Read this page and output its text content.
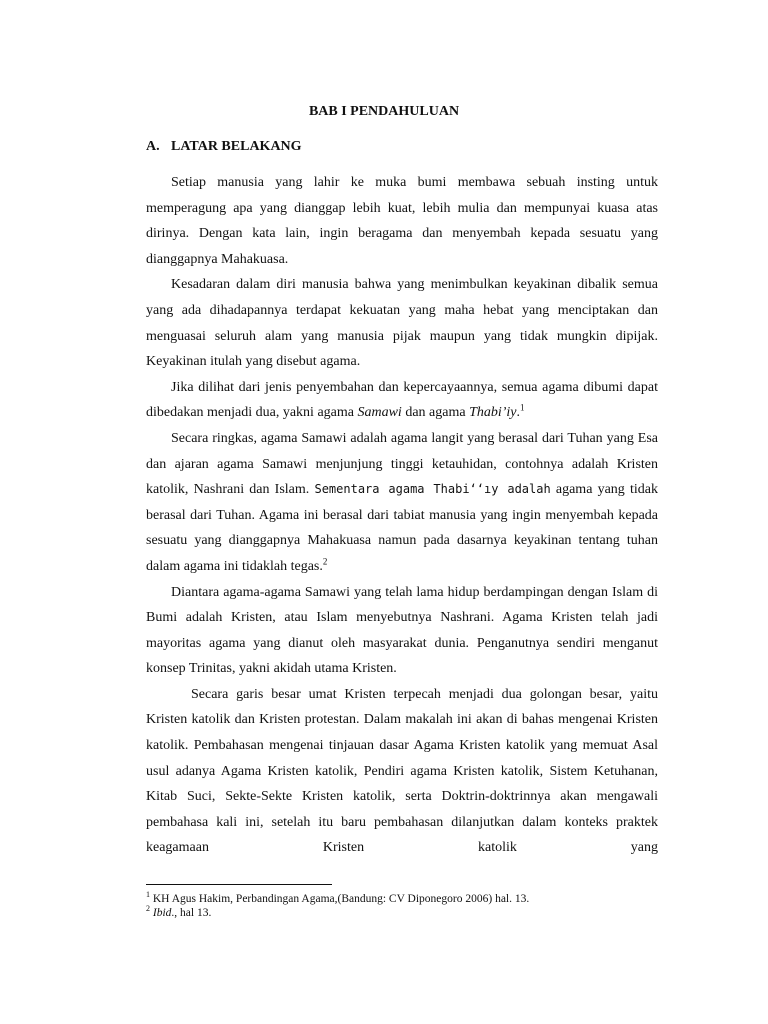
BAB I PENDAHULUAN
A. LATAR BELAKANG

Setiap manusia yang lahir ke muka bumi membawa sebuah insting untuk memperagung apa yang dianggap lebih kuat, lebih mulia dan mempunyai kuasa atas dirinya. Dengan kata lain, ingin beragama dan menyembah kepada sesuatu yang dianggapnya Mahakuasa.

Kesadaran dalam diri manusia bahwa yang menimbulkan keyakinan dibalik semua yang ada dihadapannya terdapat kekuatan yang maha hebat yang menciptakan dan menguasai seluruh alam yang manusia pijak maupun yang tidak mungkin dipijak. Keyakinan itulah yang disebut agama.

Jika dilihat dari jenis penyembahan dan kepercayaannya, semua agama dibumi dapat dibedakan menjadi dua, yakni agama Samawi dan agama Thabi’iy.$^1$

Secara ringkas, agama Samawi adalah agama langit yang berasal dari Tuhan yang Esa dan ajaran agama Samawi menjunjung tinggi ketauhidan, contohnya adalah Kristen katolik, Nashrani dan Islam. Sementara agama Thabi‘‘ıy adalah agama yang tidak berasal dari Tuhan. Agama ini berasal dari tabiat manusia yang ingin menyembah kepada sesuatu yang dianggapnya Mahakuasa namun pada dasarnya keyakinan tentang tuhan dalam agama ini tidaklah tegas.$^2$

Diantara agama-agama Samawi yang telah lama hidup berdampingan dengan Islam di Bumi adalah Kristen, atau Islam menyebutnya Nashrani. Agama Kristen telah jadi mayoritas agama yang dianut oleh masyarakat dunia. Penganutnya sendiri menganut konsep Trinitas, yakni akidah utama Kristen.

Secara garis besar umat Kristen terpecah menjadi dua golongan besar, yaitu Kristen katolik dan Kristen protestan. Dalam makalah ini akan di bahas mengenai Kristen katolik. Pembahasan mengenai tinjauan dasar Agama Kristen katolik yang memuat Asal usul adanya Agama Kristen katolik, Pendiri agama Kristen katolik, Sistem Ketuhanan, Kitab Suci, Sekte-Sekte Kristen katolik, serta Doktrin-doktrinnya akan mengawali pembahasa kali ini, setelah itu baru pembahasan dilanjutkan dalam konteks praktek keagamaan Kristen katolik yang

$^1$ KH Agus Hakim, Perbandingan Agama,(Bandung: CV Diponegoro 2006) hal. 13.
$^2$ Ibid., hal 13.
